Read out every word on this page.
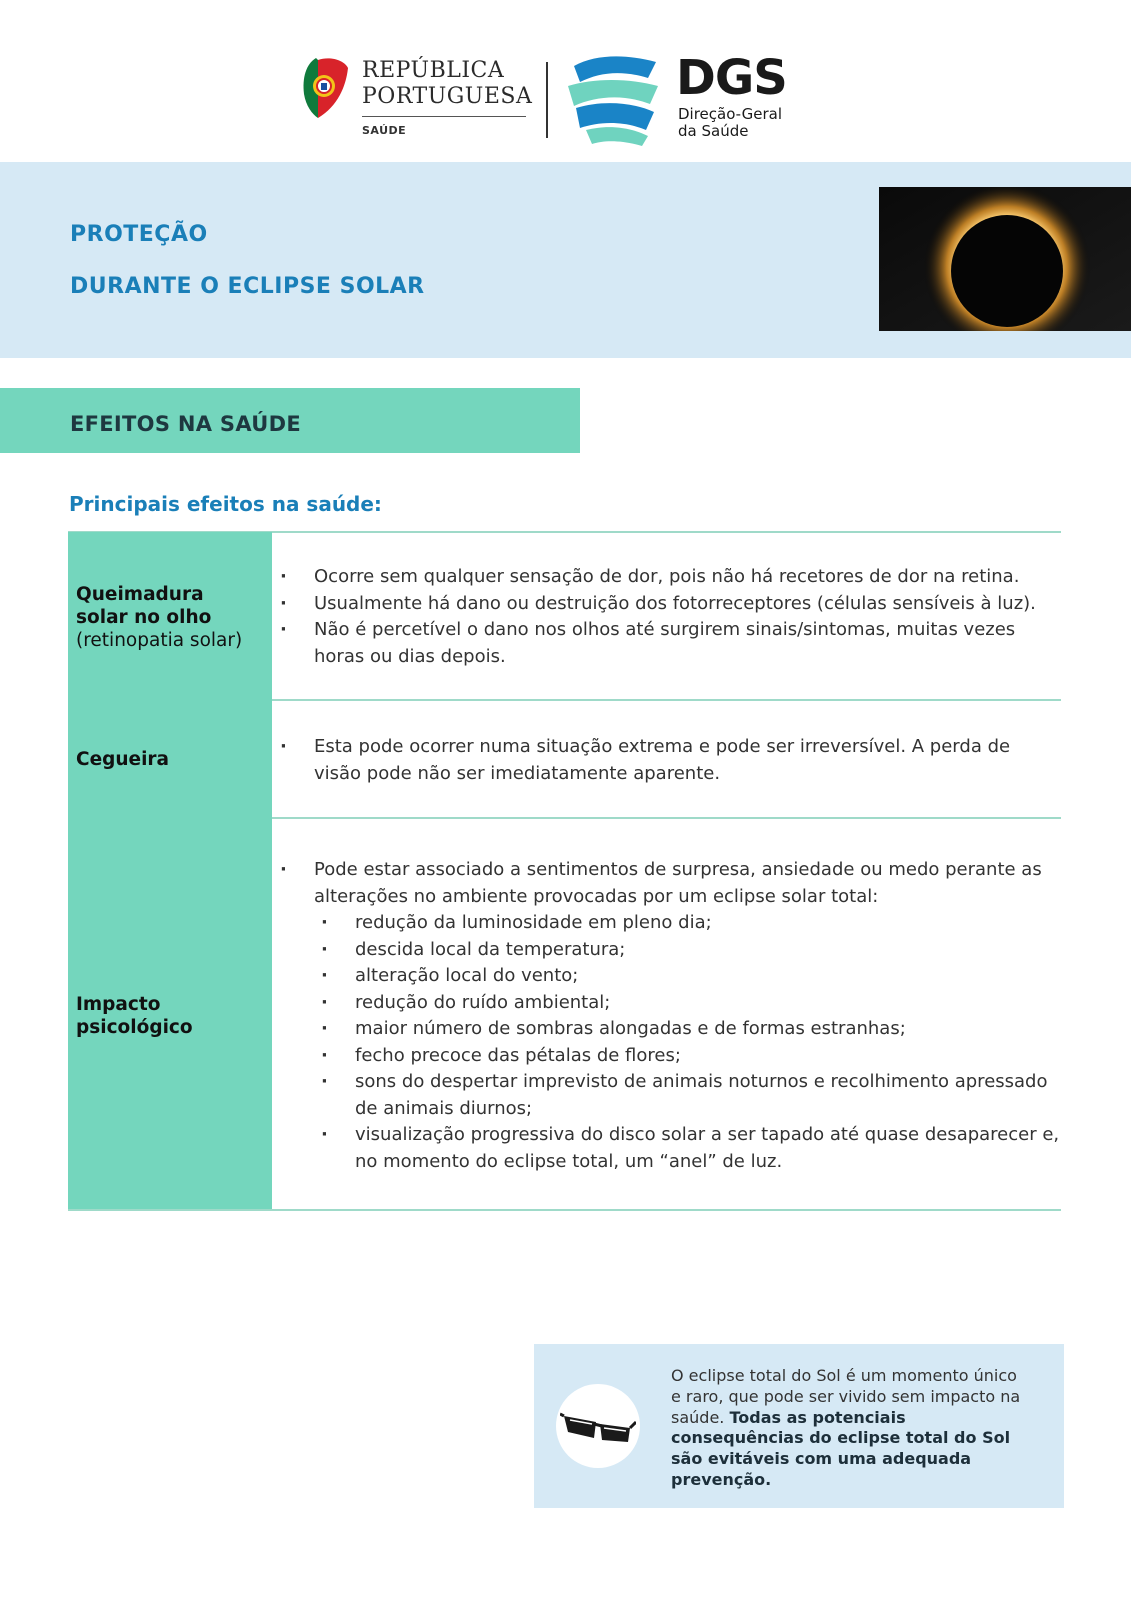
REPÚBLICA
PORTUGUESA
SAÚDE
DGS
Direção-Geral
da Saúde
PROTEÇÃO
DURANTE O ECLIPSE SOLAR
EFEITOS NA SAÚDE
Principais efeitos na saúde:
Queimadura
solar no olho
(retinopatia solar)
· Ocorre sem qualquer sensação de dor, pois não há recetores de dor na retina.
· Usualmente há dano ou destruição dos fotorreceptores (células sensíveis à luz).
· Não é percetível o dano nos olhos até surgirem sinais/sintomas, muitas vezes horas ou dias depois.
Cegueira
· Esta pode ocorrer numa situação extrema e pode ser irreversível. A perda de visão pode não ser imediatamente aparente.
Impacto
psicológico
· Pode estar associado a sentimentos de surpresa, ansiedade ou medo perante as alterações no ambiente provocadas por um eclipse solar total:
· redução da luminosidade em pleno dia;
· descida local da temperatura;
· alteração local do vento;
· redução do ruído ambiental;
· maior número de sombras alongadas e de formas estranhas;
· fecho precoce das pétalas de flores;
· sons do despertar imprevisto de animais noturnos e recolhimento apressado de animais diurnos;
· visualização progressiva do disco solar a ser tapado até quase desaparecer e, no momento do eclipse total, um “anel” de luz.
O eclipse total do Sol é um momento único e raro, que pode ser vivido sem impacto na saúde. Todas as potenciais consequências do eclipse total do Sol são evitáveis com uma adequada prevenção.
